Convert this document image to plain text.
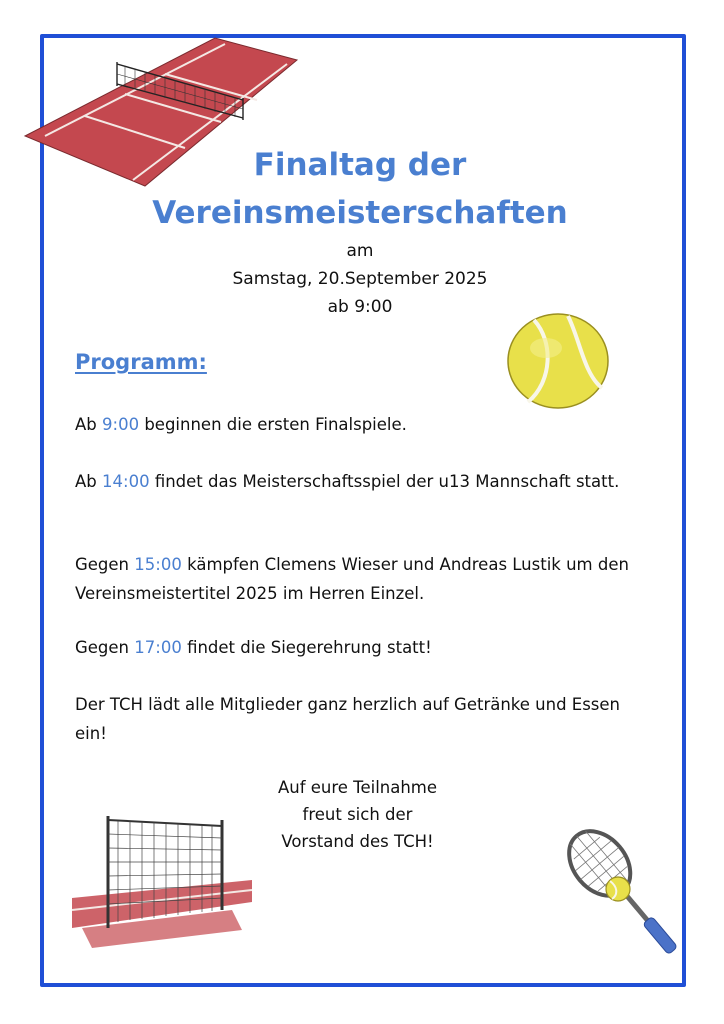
Finaltag der
Vereinsmeisterschaften
am
Samstag, 20.September 2025
ab 9:00
Programm:
Ab 9:00 beginnen die ersten Finalspiele.
Ab 14:00 findet das Meisterschaftsspiel der u13 Mannschaft statt.
Gegen 15:00 kämpfen Clemens Wieser und Andreas Lustik um den Vereinsmeistertitel 2025 im Herren Einzel.
Gegen 17:00 findet die Siegerehrung statt!
Der TCH lädt alle Mitglieder ganz herzlich auf Getränke und Essen ein!
Auf eure Teilnahme
freut sich der
Vorstand des TCH!
